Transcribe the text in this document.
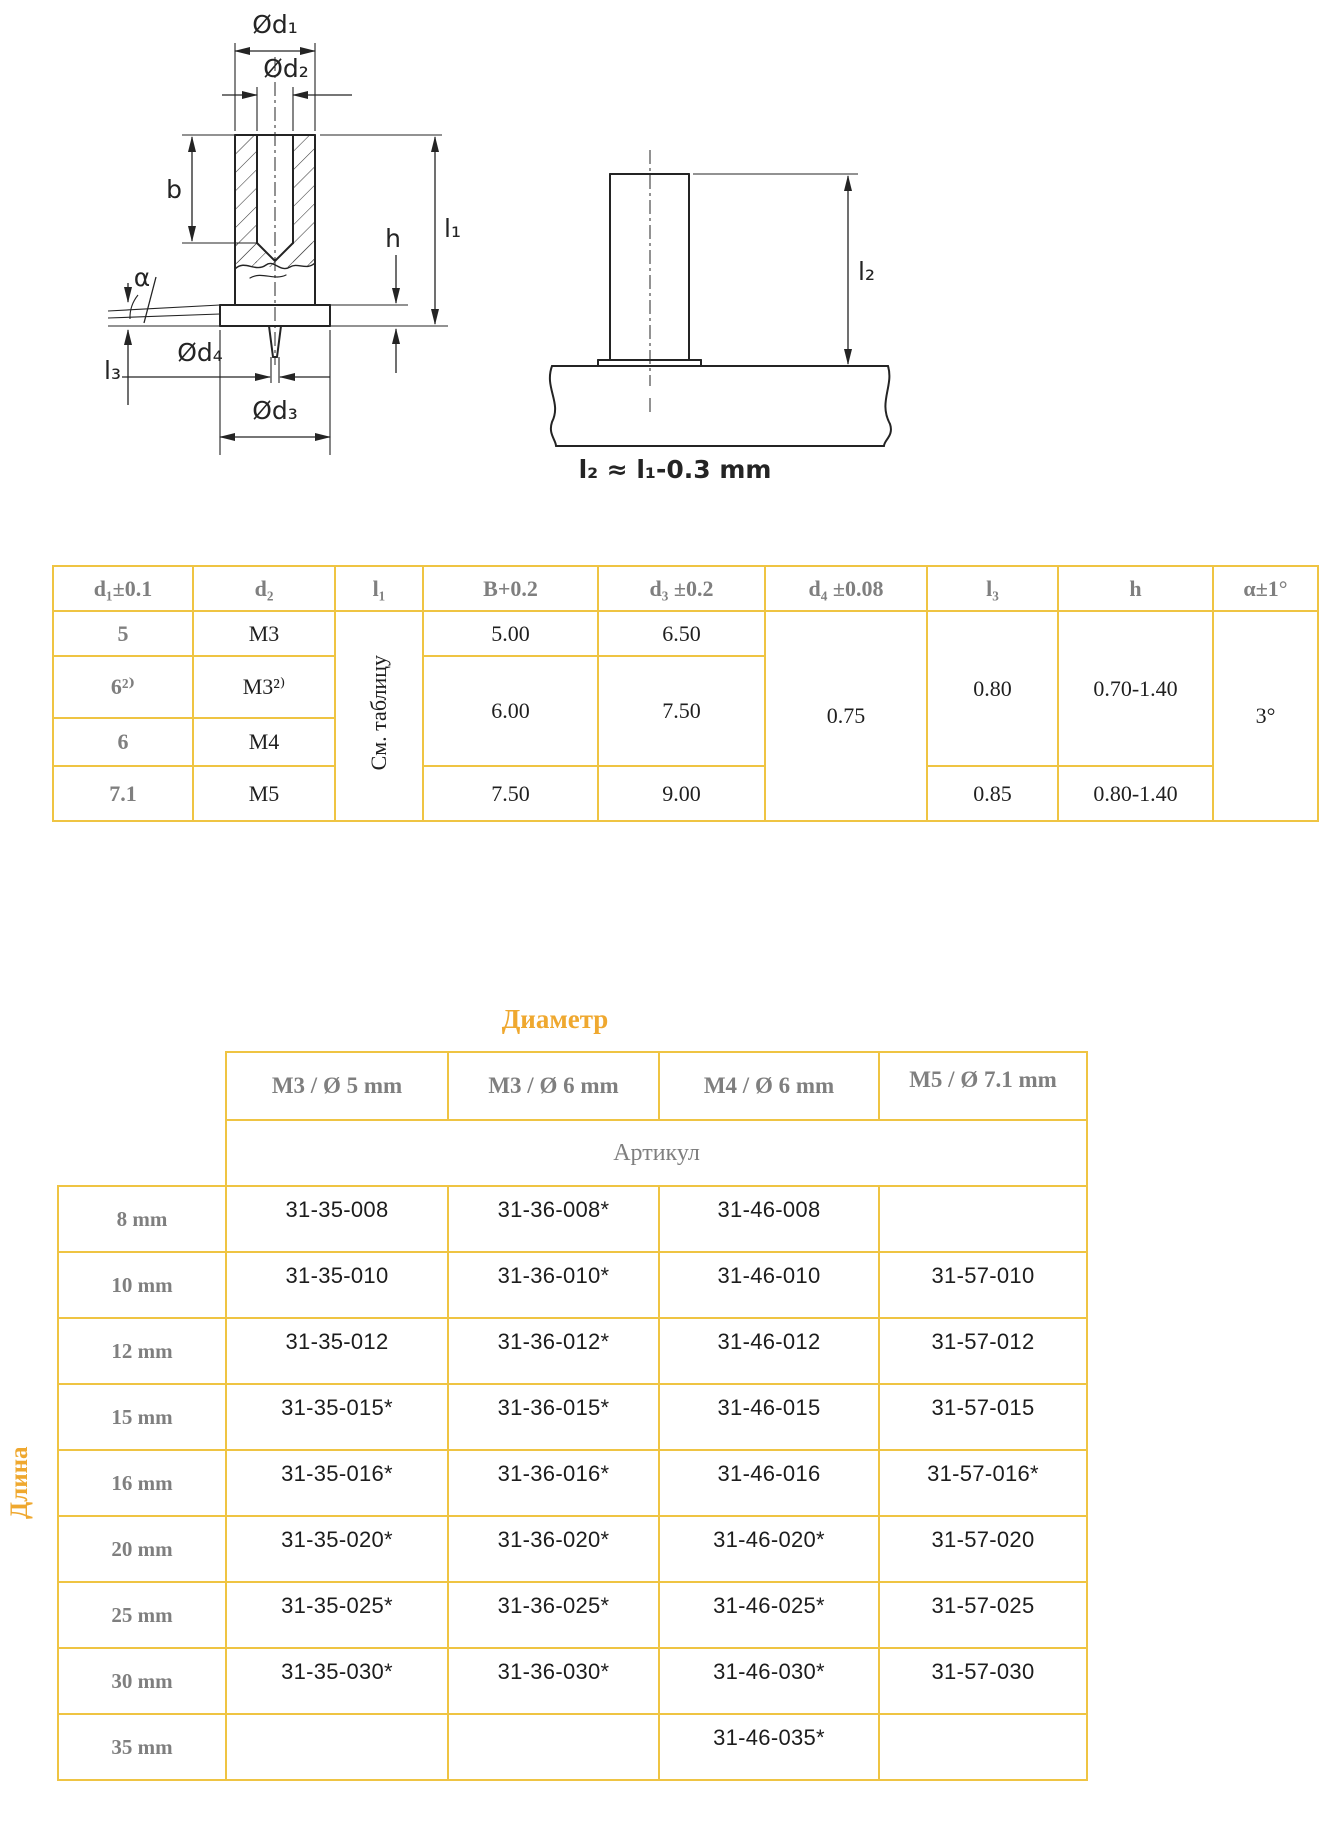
Ød₁
Ød₂
b
l₁
h
α
l₃
Ød₄
Ød₃
l₂
l₂ ≈ l₁-0.3 mm
d₁±0.1	d₂	l₁	B+0.2	d₃ ±0.2	d₄ ±0.08	l₃	h	α±1°
5	M3	См. таблицу	5.00	6.50	0.75	0.80	0.70-1.40	3°
6²⁾	M3²⁾		6.00	7.50				
6	M4							
7.1	M5		7.50	9.00		0.85	0.80-1.40	
Диаметр
Длина
	M3 / Ø 5 mm	M3 / Ø 6 mm	M4 / Ø 6 mm	M5 / Ø 7.1 mm
	Артикул			
8 mm	31-35-008	31-36-008*	31-46-008	
10 mm	31-35-010	31-36-010*	31-46-010	31-57-010
12 mm	31-35-012	31-36-012*	31-46-012	31-57-012
15 mm	31-35-015*	31-36-015*	31-46-015	31-57-015
16 mm	31-35-016*	31-36-016*	31-46-016	31-57-016*
20 mm	31-35-020*	31-36-020*	31-46-020*	31-57-020
25 mm	31-35-025*	31-36-025*	31-46-025*	31-57-025
30 mm	31-35-030*	31-36-030*	31-46-030*	31-57-030
35 mm			31-46-035*	
